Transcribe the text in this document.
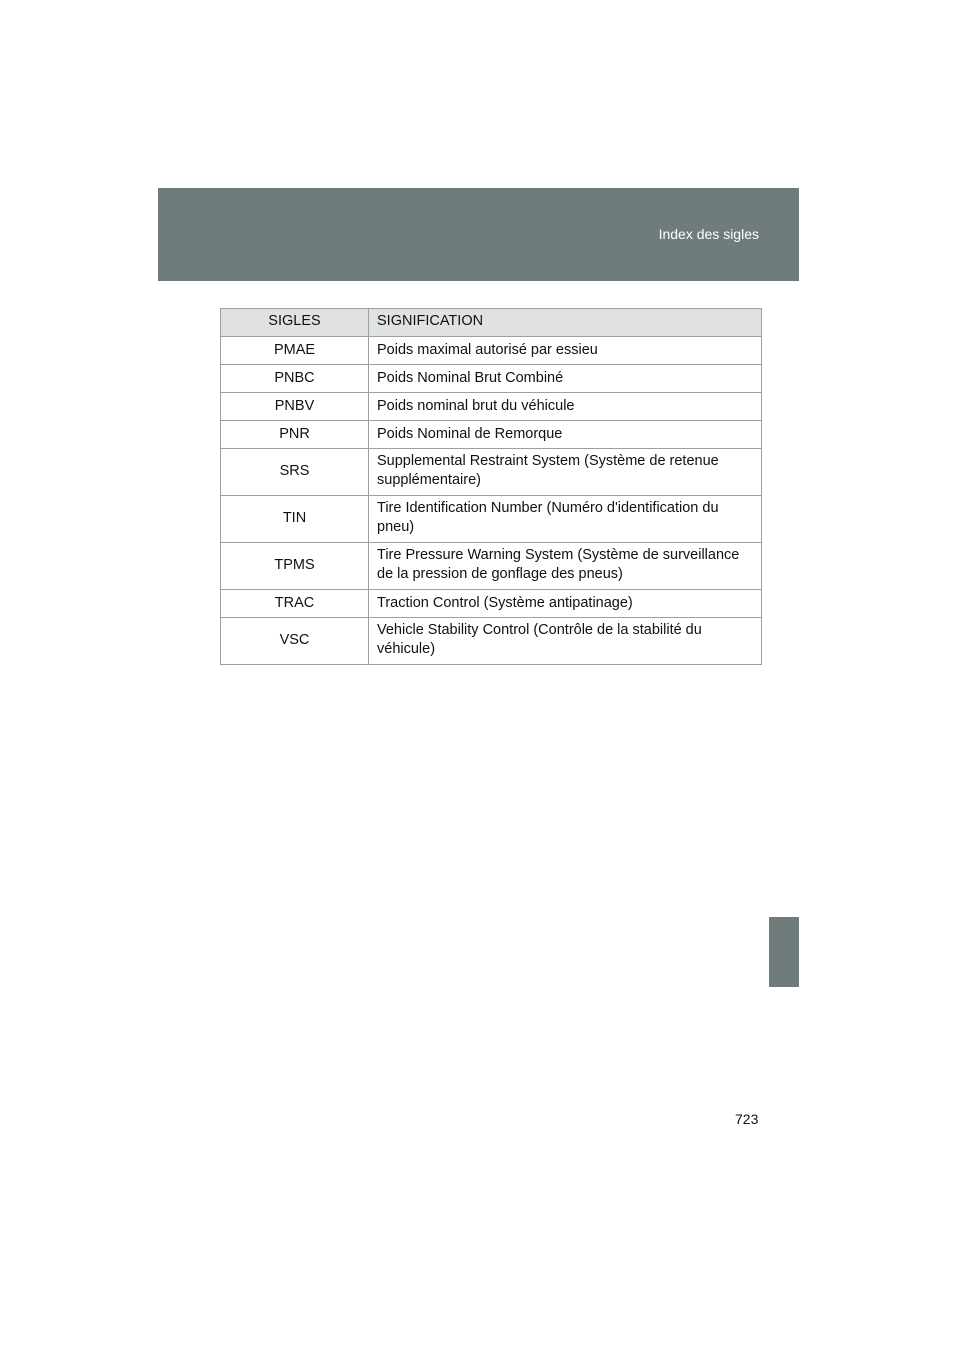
Index des sigles
SIGLES	SIGNIFICATION
PMAE	Poids maximal autorisé par essieu
PNBC	Poids Nominal Brut Combiné
PNBV	Poids nominal brut du véhicule
PNR	Poids Nominal de Remorque
SRS	Supplemental Restraint System (Système de retenue supplémentaire)
TIN	Tire Identification Number (Numéro d'identification du pneu)
TPMS	Tire Pressure Warning System (Système de surveillance de la pression de gonflage des pneus)
TRAC	Traction Control (Système antipatinage)
VSC	Vehicle Stability Control (Contrôle de la stabilité du véhicule)
723
